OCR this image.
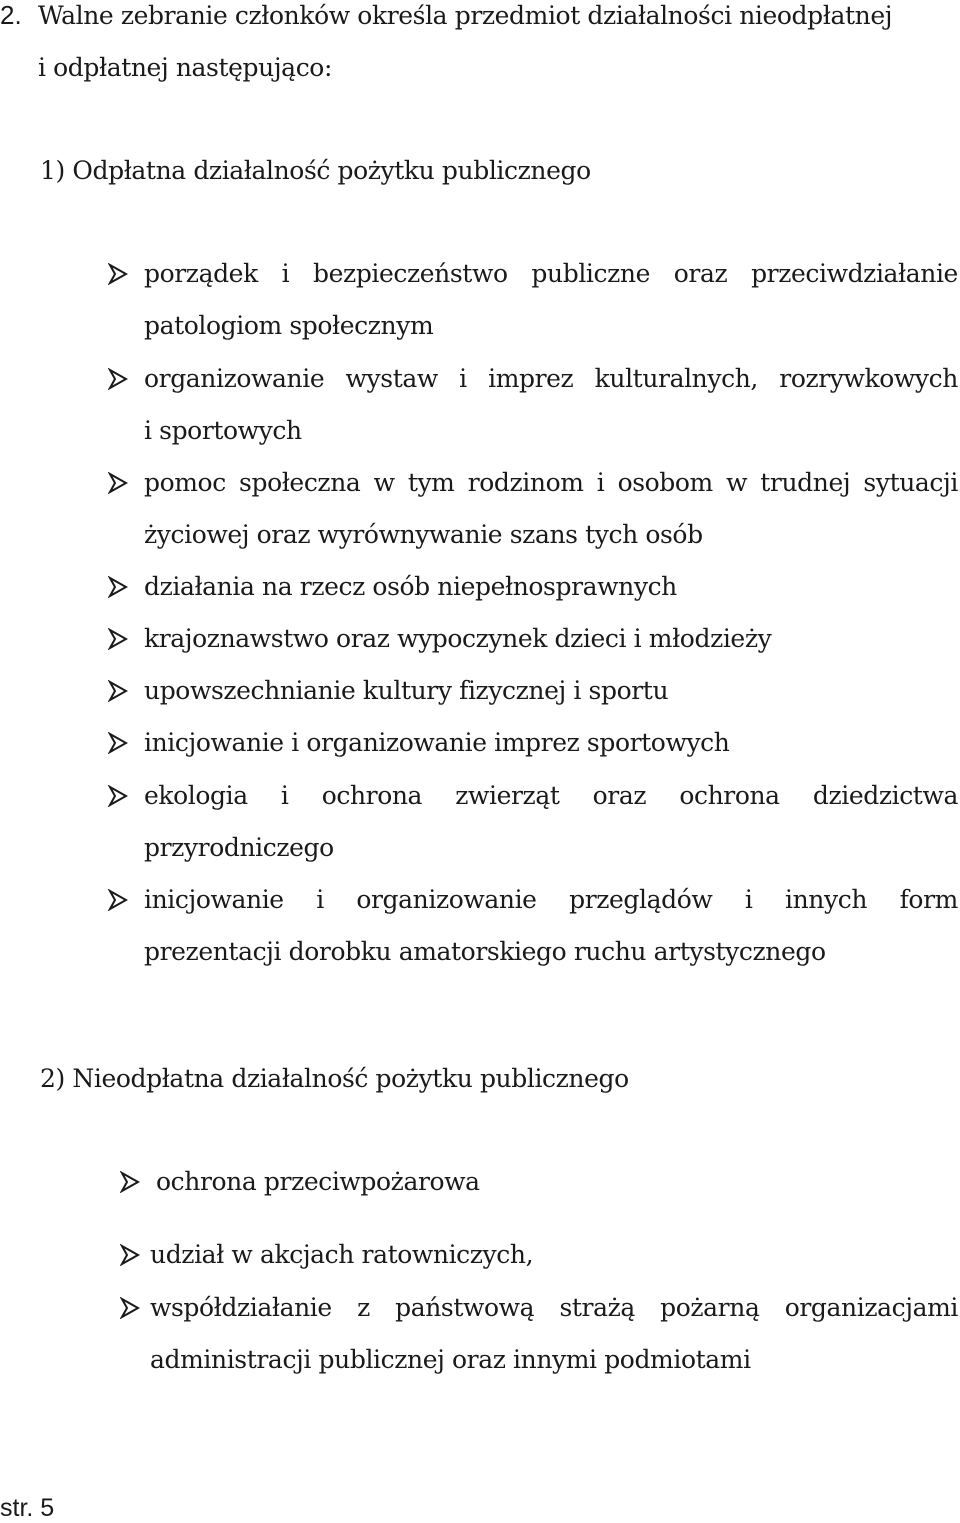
2. Walne zebranie członków określa przedmiot działalności nieodpłatnej
i odpłatnej następująco:
1) Odpłatna działalność pożytku publicznego
porządek i bezpieczeństwo publiczne oraz przeciwdziałanie
patologiom społecznym
organizowanie wystaw i imprez kulturalnych, rozrywkowych
i sportowych
pomoc społeczna w tym rodzinom i osobom w trudnej sytuacji
życiowej oraz wyrównywanie szans tych osób
działania na rzecz osób niepełnosprawnych
krajoznawstwo oraz wypoczynek dzieci i młodzieży
upowszechnianie kultury fizycznej i sportu
inicjowanie i organizowanie imprez sportowych
ekologia i ochrona zwierząt oraz ochrona dziedzictwa
przyrodniczego
inicjowanie i organizowanie przeglądów i innych form
prezentacji dorobku amatorskiego ruchu artystycznego
2) Nieodpłatna działalność pożytku publicznego
ochrona przeciwpożarowa
udział w akcjach ratowniczych,
współdziałanie z państwową strażą pożarną organizacjami
administracji publicznej oraz innymi podmiotami
str. 5
